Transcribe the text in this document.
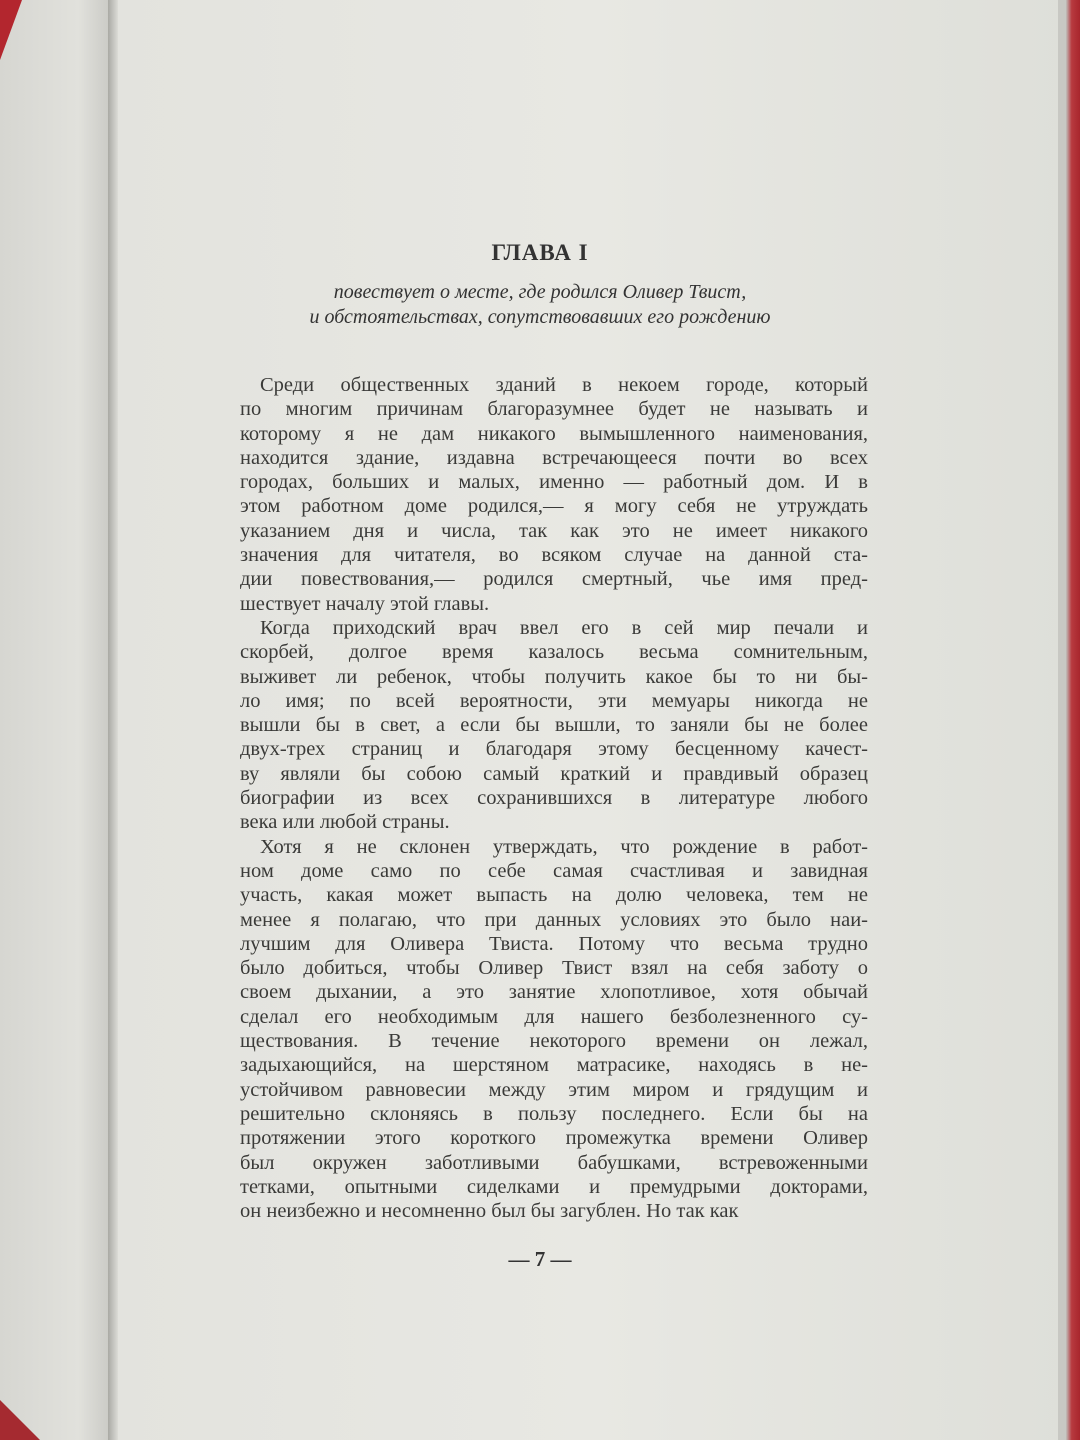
ГЛАВА I
повествует о месте, где родился Оливер Твист,
и обстоятельствах, сопутствовавших его рождению
Среди общественных зданий в некоем городе, который
по многим причинам благоразумнее будет не называть и
которому я не дам никакого вымышленного наименования,
находится здание, издавна встречающееся почти во всех
городах, больших и малых, именно — работный дом. И в
этом работном доме родился,— я могу себя не утруждать
указанием дня и числа, так как это не имеет никакого
значения для читателя, во всяком случае на данной ста-
дии повествования,— родился смертный, чье имя пред-
шествует началу этой главы.
Когда приходский врач ввел его в сей мир печали и
скорбей, долгое время казалось весьма сомнительным,
выживет ли ребенок, чтобы получить какое бы то ни бы-
ло имя; по всей вероятности, эти мемуары никогда не
вышли бы в свет, а если бы вышли, то заняли бы не более
двух-трех страниц и благодаря этому бесценному качест-
ву являли бы собою самый краткий и правдивый образец
биографии из всех сохранившихся в литературе любого
века или любой страны.
Хотя я не склонен утверждать, что рождение в работ-
ном доме само по себе самая счастливая и завидная
участь, какая может выпасть на долю человека, тем не
менее я полагаю, что при данных условиях это было наи-
лучшим для Оливера Твиста. Потому что весьма трудно
было добиться, чтобы Оливер Твист взял на себя заботу о
своем дыхании, а это занятие хлопотливое, хотя обычай
сделал его необходимым для нашего безболезненного су-
ществования. В течение некоторого времени он лежал,
задыхающийся, на шерстяном матрасике, находясь в не-
устойчивом равновесии между этим миром и грядущим и
решительно склоняясь в пользу последнего. Если бы на
протяжении этого короткого промежутка времени Оливер
был окружен заботливыми бабушками, встревоженными
тетками, опытными сиделками и премудрыми докторами,
он неизбежно и несомненно был бы загублен. Но так как
— 7 —
